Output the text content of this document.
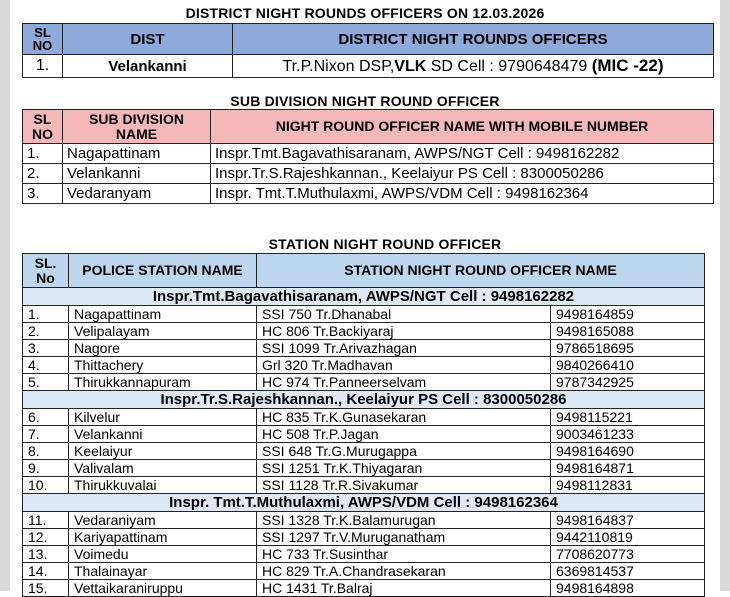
DISTRICT NIGHT ROUNDS OFFICERS ON 12.03.2026
SL NO	DIST	DISTRICT NIGHT ROUNDS OFFICERS
1.	Velankanni	Tr.P.Nixon DSP,VLK SD Cell : 9790648479 (MIC -22)
SUB DIVISION NIGHT ROUND OFFICER
SL NO	SUB DIVISION NAME	NIGHT ROUND OFFICER NAME WITH MOBILE NUMBER
1.	Nagapattinam	Inspr.Tmt.Bagavathisaranam, AWPS/NGT Cell : 9498162282
2.	Velankanni	Inspr.Tr.S.Rajeshkannan., Keelaiyur PS Cell : 8300050286
3.	Vedaranyam	Inspr. Tmt.T.Muthulaxmi, AWPS/VDM Cell : 9498162364
STATION NIGHT ROUND OFFICER
SL. No	POLICE STATION NAME	STATION NIGHT ROUND OFFICER NAME	
Inspr.Tmt.Bagavathisaranam, AWPS/NGT Cell : 9498162282			
1.	Nagapattinam	SSI 750 Tr.Dhanabal	9498164859
2.	Velipalayam	HC 806 Tr.Backiyaraj	9498165088
3.	Nagore	SSI 1099 Tr.Arivazhagan	9786518695
4.	Thittachery	Grl 320 Tr.Madhavan	9840266410
5.	Thirukkannapuram	HC 974 Tr.Panneerselvam	9787342925
Inspr.Tr.S.Rajeshkannan., Keelaiyur PS Cell : 8300050286			
6.	Kilvelur	HC 835 Tr.K.Gunasekaran	9498115221
7.	Velankanni	HC 508 Tr.P.Jagan	9003461233
8.	Keelaiyur	SSI 648 Tr.G.Murugappa	9498164690
9.	Valivalam	SSI 1251 Tr.K.Thiyagaran	9498164871
10.	Thirukkuvalai	SSI 1128 Tr.R.Sivakumar	9498112831
Inspr. Tmt.T.Muthulaxmi, AWPS/VDM Cell : 9498162364			
11.	Vedaraniyam	SSI 1328 Tr.K.Balamurugan	9498164837
12.	Kariyapattinam	SSI 1297 Tr.V.Muruganatham	9442110819
13.	Voimedu	HC 733 Tr.Susinthar	7708620773
14.	Thalainayar	HC 829 Tr.A.Chandrasekaran	6369814537
15.	Vettaikaraniruppu	HC 1431 Tr.Balraj	9498164898
